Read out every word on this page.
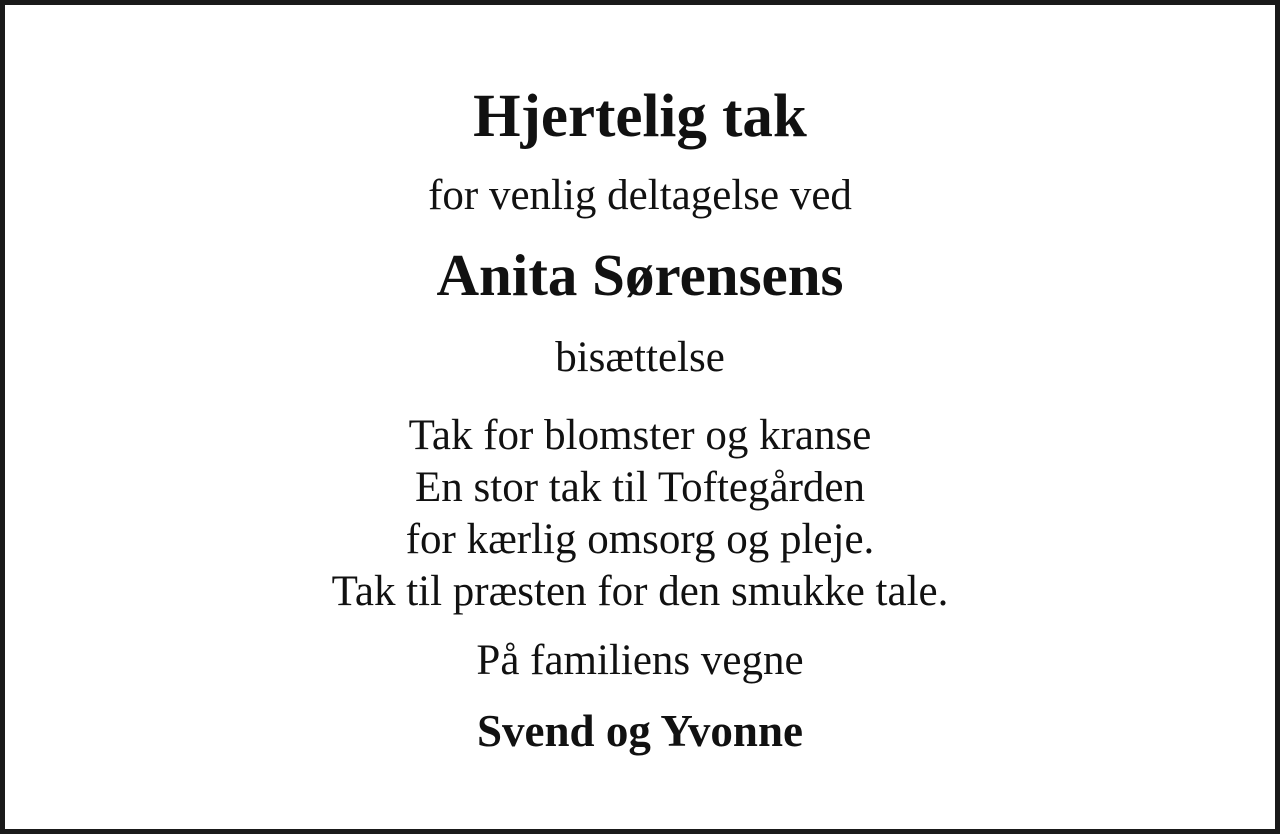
Hjertelig tak
for venlig deltagelse ved
Anita Sørensens
bisættelse
Tak for blomster og kranse
En stor tak til Toftegården
for kærlig omsorg og pleje.
Tak til præsten for den smukke tale.
På familiens vegne
Svend og Yvonne
